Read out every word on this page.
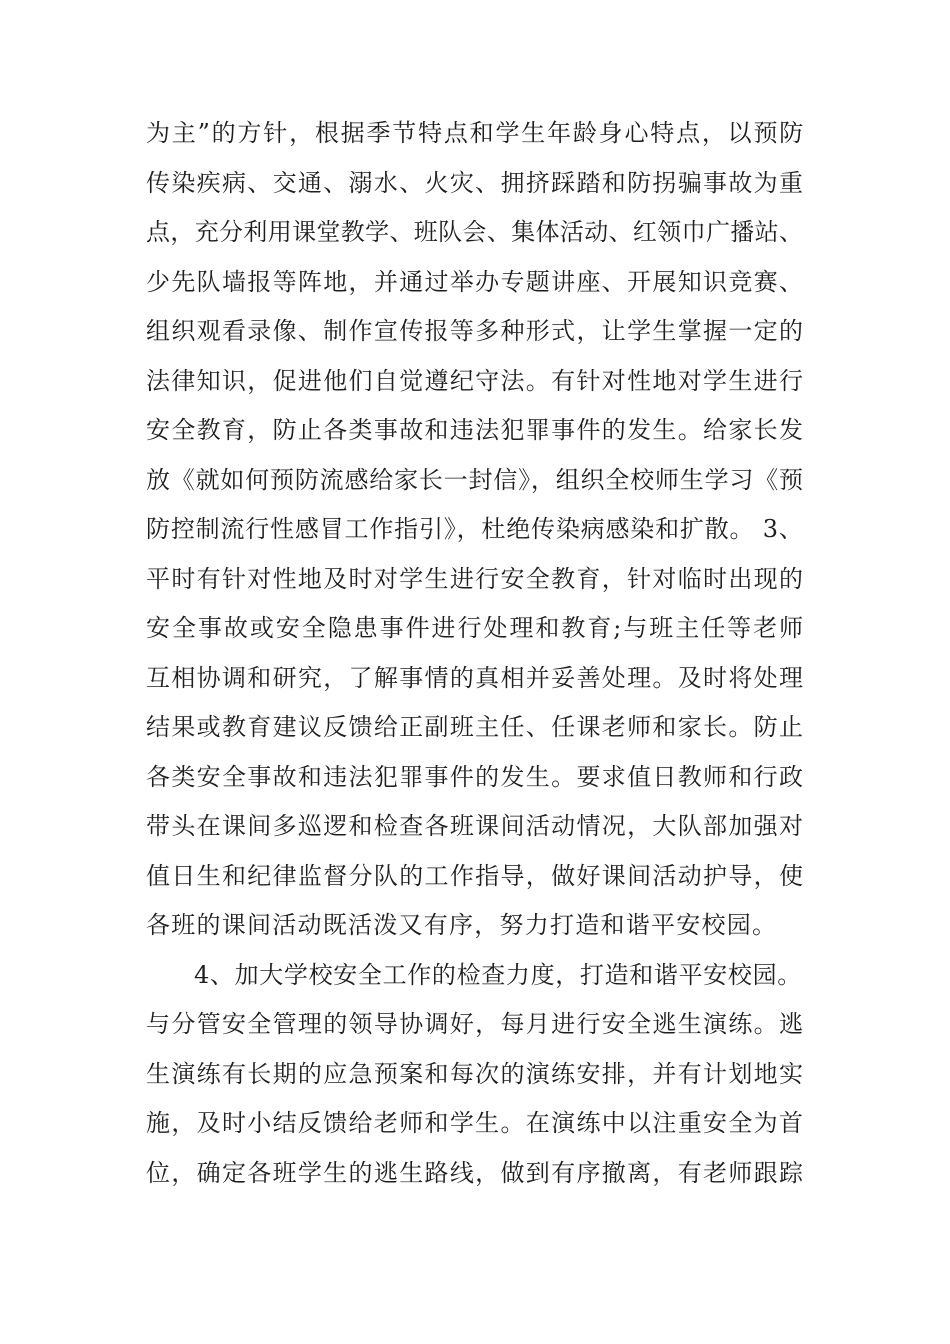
为主”的方针，根据季节特点和学生年龄身心特点，以预防
传染疾病、交通、溺水、火灾、拥挤踩踏和防拐骗事故为重
点，充分利用课堂教学、班队会、集体活动、红领巾广播站、
少先队墙报等阵地，并通过举办专题讲座、开展知识竞赛、
组织观看录像、制作宣传报等多种形式，让学生掌握一定的
法律知识，促进他们自觉遵纪守法。有针对性地对学生进行
安全教育，防止各类事故和违法犯罪事件的发生。给家长发
放《就如何预防流感给家长一封信》，组织全校师生学习《预
防控制流行性感冒工作指引》，杜绝传染病感染和扩散。 3、
平时有针对性地及时对学生进行安全教育，针对临时出现的
安全事故或安全隐患事件进行处理和教育;与班主任等老师
互相协调和研究，了解事情的真相并妥善处理。及时将处理
结果或教育建议反馈给正副班主任、任课老师和家长。防止
各类安全事故和违法犯罪事件的发生。要求值日教师和行政
带头在课间多巡逻和检查各班课间活动情况，大队部加强对
值日生和纪律监督分队的工作指导，做好课间活动护导，使
各班的课间活动既活泼又有序，努力打造和谐平安校园。
4、加大学校安全工作的检查力度，打造和谐平安校园。
与分管安全管理的领导协调好，每月进行安全逃生演练。逃
生演练有长期的应急预案和每次的演练安排，并有计划地实
施，及时小结反馈给老师和学生。在演练中以注重安全为首
位，确定各班学生的逃生路线，做到有序撤离，有老师跟踪
